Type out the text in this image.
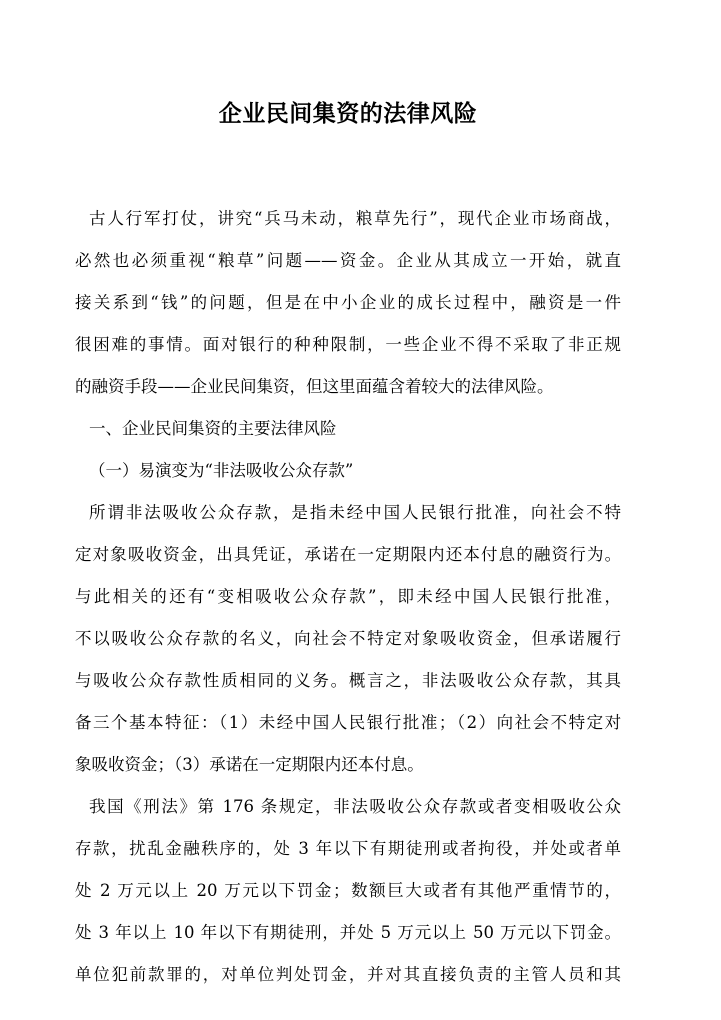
企业民间集资的法律风险
古人行军打仗，讲究“兵马未动，粮草先行”，现代企业市场商战，
必然也必须重视“粮草”问题——资金。企业从其成立一开始，就直
接关系到“钱”的问题，但是在中小企业的成长过程中，融资是一件
很困难的事情。面对银行的种种限制，一些企业不得不采取了非正规
的融资手段——企业民间集资，但这里面蕴含着较大的法律风险。
一、企业民间集资的主要法律风险
（一）易演变为“非法吸收公众存款”
所谓非法吸收公众存款，是指未经中国人民银行批准，向社会不特
定对象吸收资金，出具凭证，承诺在一定期限内还本付息的融资行为。
与此相关的还有“变相吸收公众存款”，即未经中国人民银行批准，
不以吸收公众存款的名义，向社会不特定对象吸收资金，但承诺履行
与吸收公众存款性质相同的义务。概言之，非法吸收公众存款，其具
备三个基本特征：（1）未经中国人民银行批准；（2）向社会不特定对
象吸收资金；（3）承诺在一定期限内还本付息。
我国《刑法》第 176 条规定，非法吸收公众存款或者变相吸收公众
存款，扰乱金融秩序的，处 3 年以下有期徒刑或者拘役，并处或者单
处 2 万元以上 20 万元以下罚金；数额巨大或者有其他严重情节的，
处 3 年以上 10 年以下有期徒刑，并处 5 万元以上 50 万元以下罚金。
单位犯前款罪的，对单位判处罚金，并对其直接负责的主管人员和其
